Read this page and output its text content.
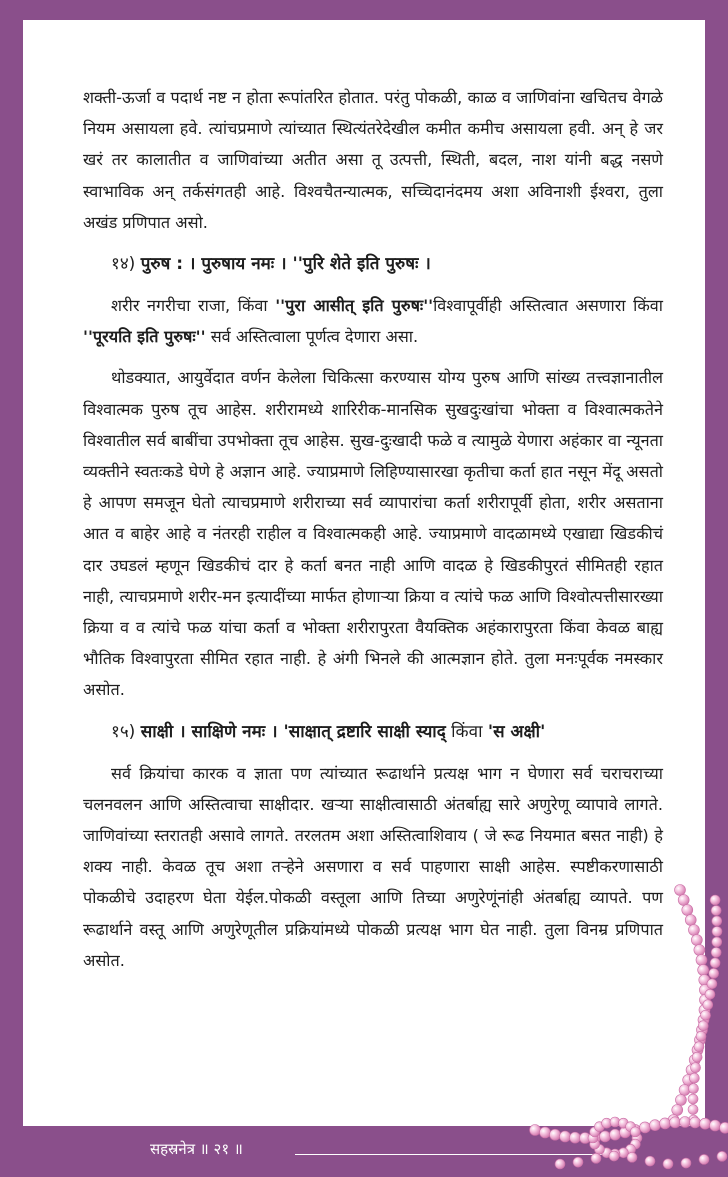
शक्ती-ऊर्जा व पदार्थ नष्ट न होता रूपांतरित होतात. परंतु पोकळी, काळ व जाणिवांना खचितच वेगळे नियम असायला हवे. त्यांचप्रमाणे त्यांच्यात स्थित्यंतरेदेखील कमीत कमीच असायला हवी. अन् हे जर खरं तर कालातीत व जाणिवांच्या अतीत असा तू उत्पत्ती, स्थिती, बदल, नाश यांनी बद्ध नसणे स्वाभाविक अन् तर्कसंगतही आहे. विश्वचैतन्यात्मक, सच्चिदानंदमय अशा अविनाशी ईश्वरा, तुला अखंड प्रणिपात असो.

१४) पुरुष : । पुरुषाय नमः । ''पुरि शेते इति पुरुषः ।

शरीर नगरीचा राजा, किंवा ''पुरा आसीत् इति पुरुषः''विश्वापूर्वीही अस्तित्वात असणारा किंवा ''पूरयति इति पुरुषः'' सर्व अस्तित्वाला पूर्णत्व देणारा असा.

थोडक्यात, आयुर्वेदात वर्णन केलेला चिकित्सा करण्यास योग्य पुरुष आणि सांख्य तत्त्वज्ञानातील विश्वात्मक पुरुष तूच आहेस. शरीरामध्ये शारिरीक-मानसिक सुखदुःखांचा भोक्ता व विश्वात्मकतेने विश्वातील सर्व बाबींचा उपभोक्ता तूच आहेस. सुख-दुःखादी फळे व त्यामुळे येणारा अहंकार वा न्यूनता व्यक्तीने स्वतःकडे घेणे हे अज्ञान आहे. ज्याप्रमाणे लिहिण्यासारखा कृतीचा कर्ता हात नसून मेंदू असतो हे आपण समजून घेतो त्याचप्रमाणे शरीराच्या सर्व व्यापारांचा कर्ता शरीरापूर्वी होता, शरीर असताना आत व बाहेर आहे व नंतरही राहील व विश्वात्मकही आहे. ज्याप्रमाणे वादळामध्ये एखाद्या खिडकीचं दार उघडलं म्हणून खिडकीचं दार हे कर्ता बनत नाही आणि वादळ हे खिडकीपुरतं सीमितही रहात नाही, त्याचप्रमाणे शरीर-मन इत्यादींच्या मार्फत होणाऱ्या क्रिया व त्यांचे फळ आणि विश्वोत्पत्तीसारख्या क्रिया व व त्यांचे फळ यांचा कर्ता व भोक्ता शरीरापुरता वैयक्तिक अहंकारापुरता किंवा केवळ बाह्य भौतिक विश्वापुरता सीमित रहात नाही. हे अंगी भिनले की आत्मज्ञान होते. तुला मनःपूर्वक नमस्कार असोत.

१५) साक्षी । साक्षिणे नमः । 'साक्षात् द्रष्टारि साक्षी स्याद् किंवा 'स अक्षी'

सर्व क्रियांचा कारक व ज्ञाता पण त्यांच्यात रूढार्थाने प्रत्यक्ष भाग न घेणारा सर्व चराचराच्या चलनवलन आणि अस्तित्वाचा साक्षीदार. खऱ्या साक्षीत्वासाठी अंतर्बाह्य सारे अणुरेणू व्यापावे लागते. जाणिवांच्या स्तरातही असावे लागते. तरलतम अशा अस्तित्वाशिवाय ( जे रूढ नियमात बसत नाही) हे शक्य नाही. केवळ तूच अशा तऱ्हेने असणारा व सर्व पाहणारा साक्षी आहेस. स्पष्टीकरणासाठी पोकळीचे उदाहरण घेता येईल.पोकळी वस्तूला आणि तिच्या अणुरेणूंनांही अंतर्बाह्य व्यापते. पण रूढार्थाने वस्तू आणि अणुरेणूतील प्रक्रियांमध्ये पोकळी प्रत्यक्ष भाग घेत नाही. तुला विनम्र प्रणिपात असोत.

सहस्रनेत्र ॥ २१ ॥
